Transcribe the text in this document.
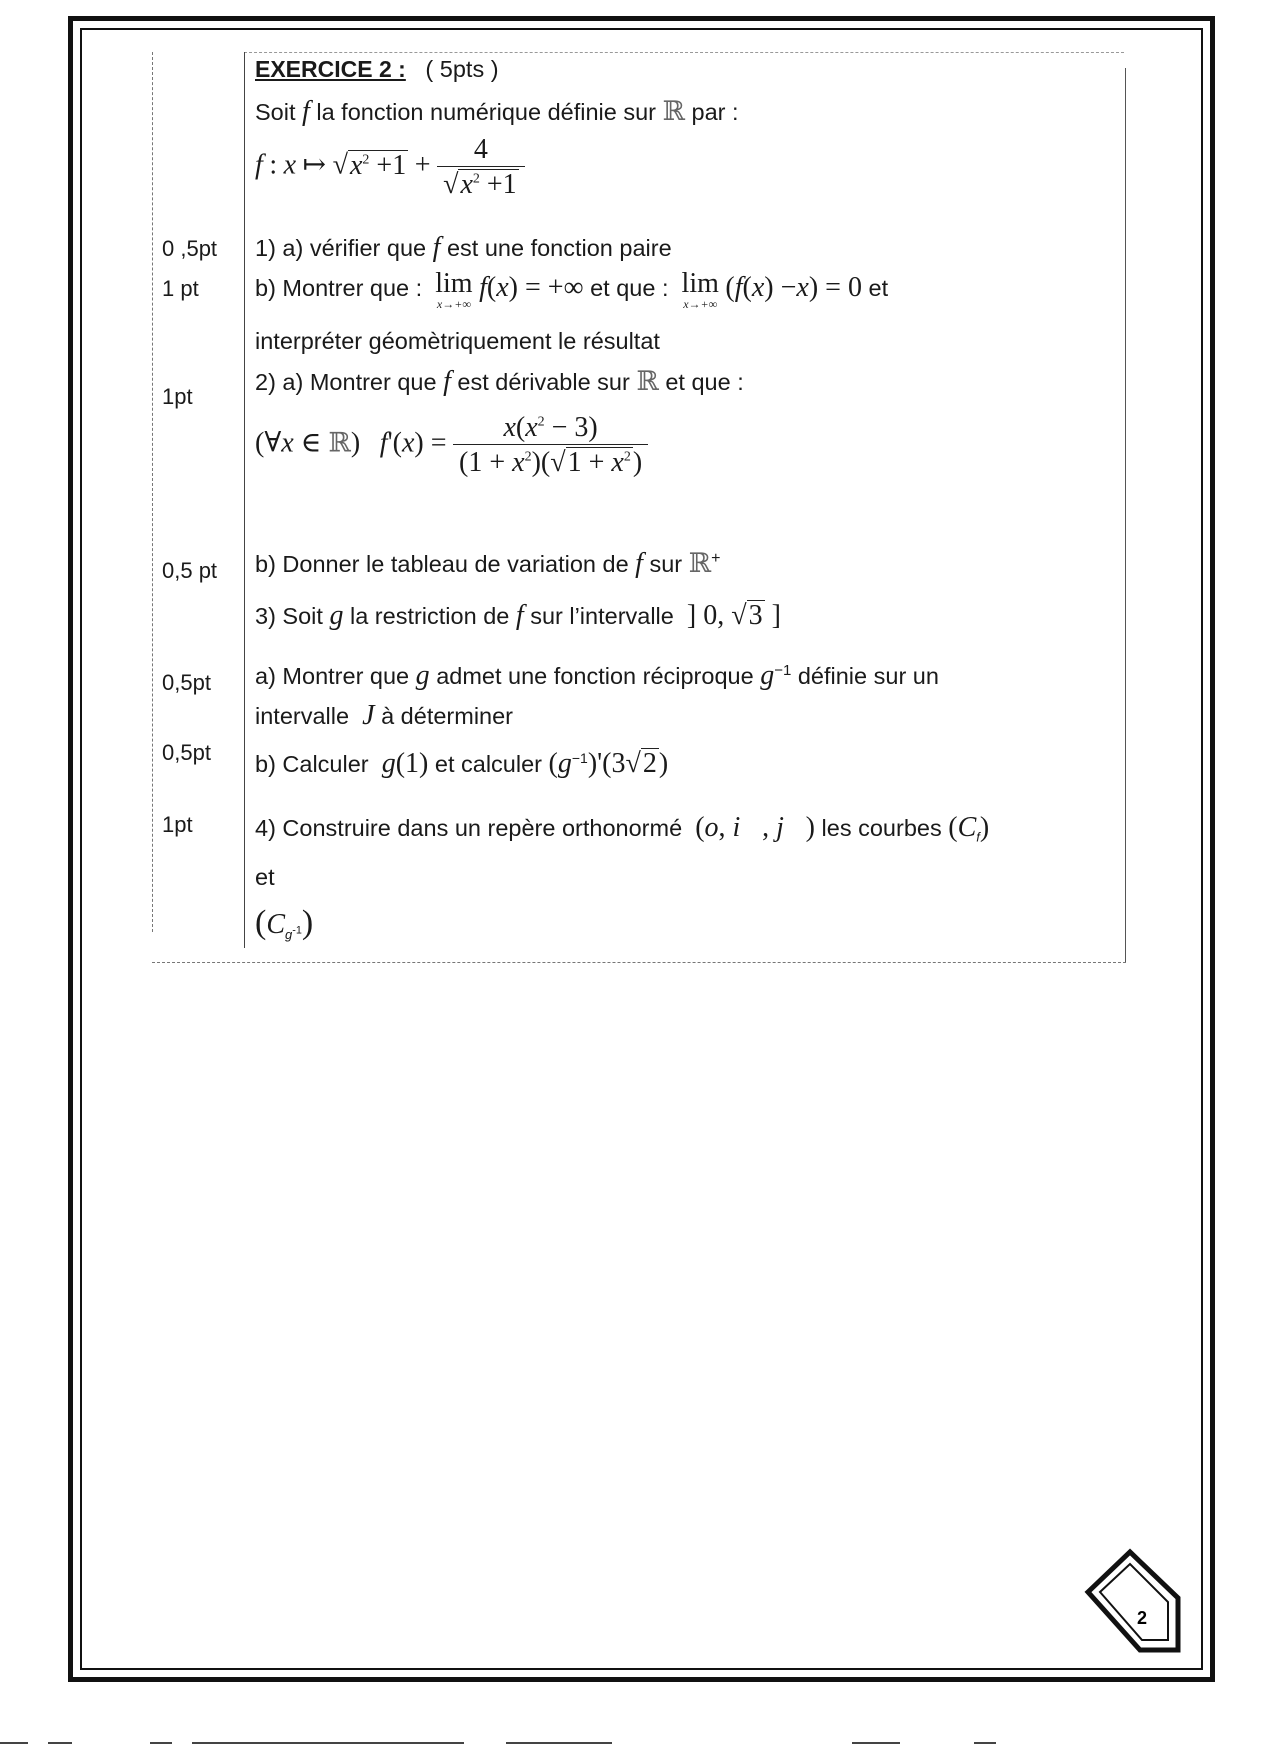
0 ,5pt
1 pt
1pt
0,5 pt
0,5pt
0,5pt
1pt
EXERCICE 2 : ( 5pts )
Soit f la fonction numérique définie sur ℝ par :
f : x ↦ $√x^2 +1 + \frac{4}{√x^2 +1}$
1) a) vérifier que f est une fonction paire
b) Montrer que : lim
x→+∞
f(x) = +∞ et que : lim
x→+∞
(f(x) −x) = 0 et
interpréter géomètriquement le résultat
2) a) Montrer que f est dérivable sur ℝ et que :
(∀x ∈ ℝ) $f'(x) = \frac{x(x^2 - 3)}{(1 + x^2)(√1 + x^2)}$
b) Donner le tableau de variation de f sur ℝ+
3) Soit g la restriction de f sur l’intervalle ] 0, √3 ]
a) Montrer que g admet une fonction réciproque $g^{-1}$ définie sur un
intervalle J à déterminer
b) Calculer g(1) et calculer $(g^{-1})'(3√2)$
4) Construire dans un repère orthonormé (o, i⃗, j⃗) les courbes $(C_f)$
et
$(C_{g^{-1}})$
2
